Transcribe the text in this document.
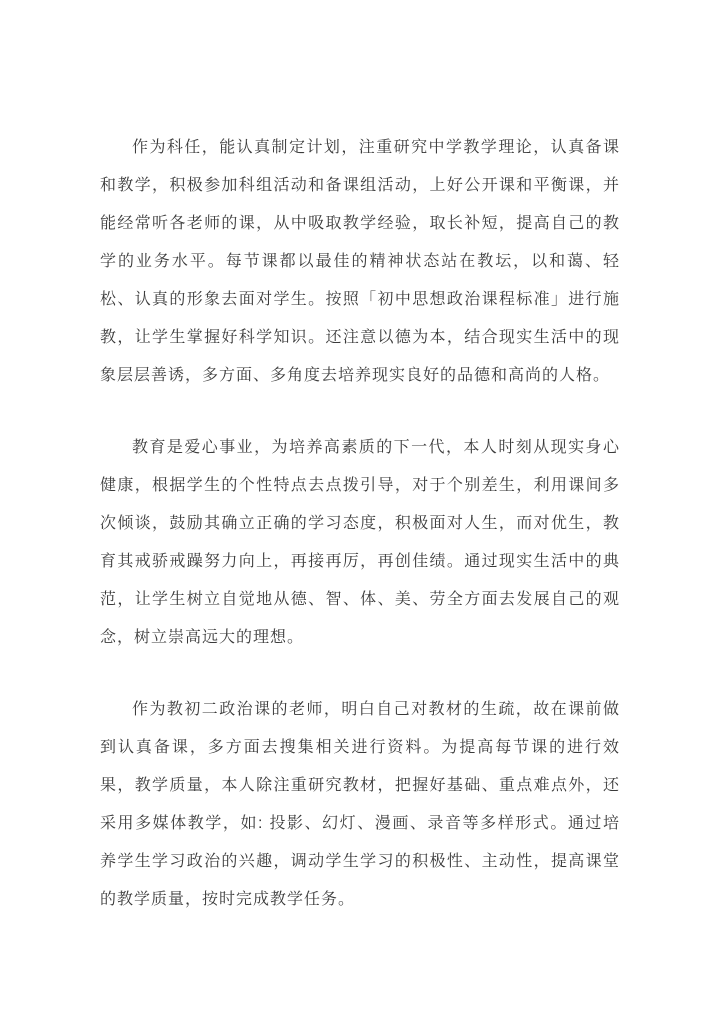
作为科任，能认真制定计划，注重研究中学教学理论，认真备课和教学，积极参加科组活动和备课组活动，上好公开课和平衡课，并能经常听各老师的课，从中吸取教学经验，取长补短，提高自己的教学的业务水平。每节课都以最佳的精神状态站在教坛，以和蔼、轻松、认真的形象去面对学生。按照「初中思想政治课程标准」进行施教，让学生掌握好科学知识。还注意以德为本，结合现实生活中的现象层层善诱，多方面、多角度去培养现实良好的品德和高尚的人格。

教育是爱心事业，为培养高素质的下一代，本人时刻从现实身心健康，根据学生的个性特点去点拨引导，对于个别差生，利用课间多次倾谈，鼓励其确立正确的学习态度，积极面对人生，而对优生，教育其戒骄戒躁努力向上，再接再厉，再创佳绩。通过现实生活中的典范，让学生树立自觉地从德、智、体、美、劳全方面去发展自己的观念，树立崇高远大的理想。

作为教初二政治课的老师，明白自己对教材的生疏，故在课前做到认真备课，多方面去搜集相关进行资料。为提高每节课的进行效果，教学质量，本人除注重研究教材，把握好基础、重点难点外，还采用多媒体教学，如: 投影、幻灯、漫画、录音等多样形式。通过培养学生学习政治的兴趣，调动学生学习的积极性、主动性，提高课堂的教学质量，按时完成教学任务。
